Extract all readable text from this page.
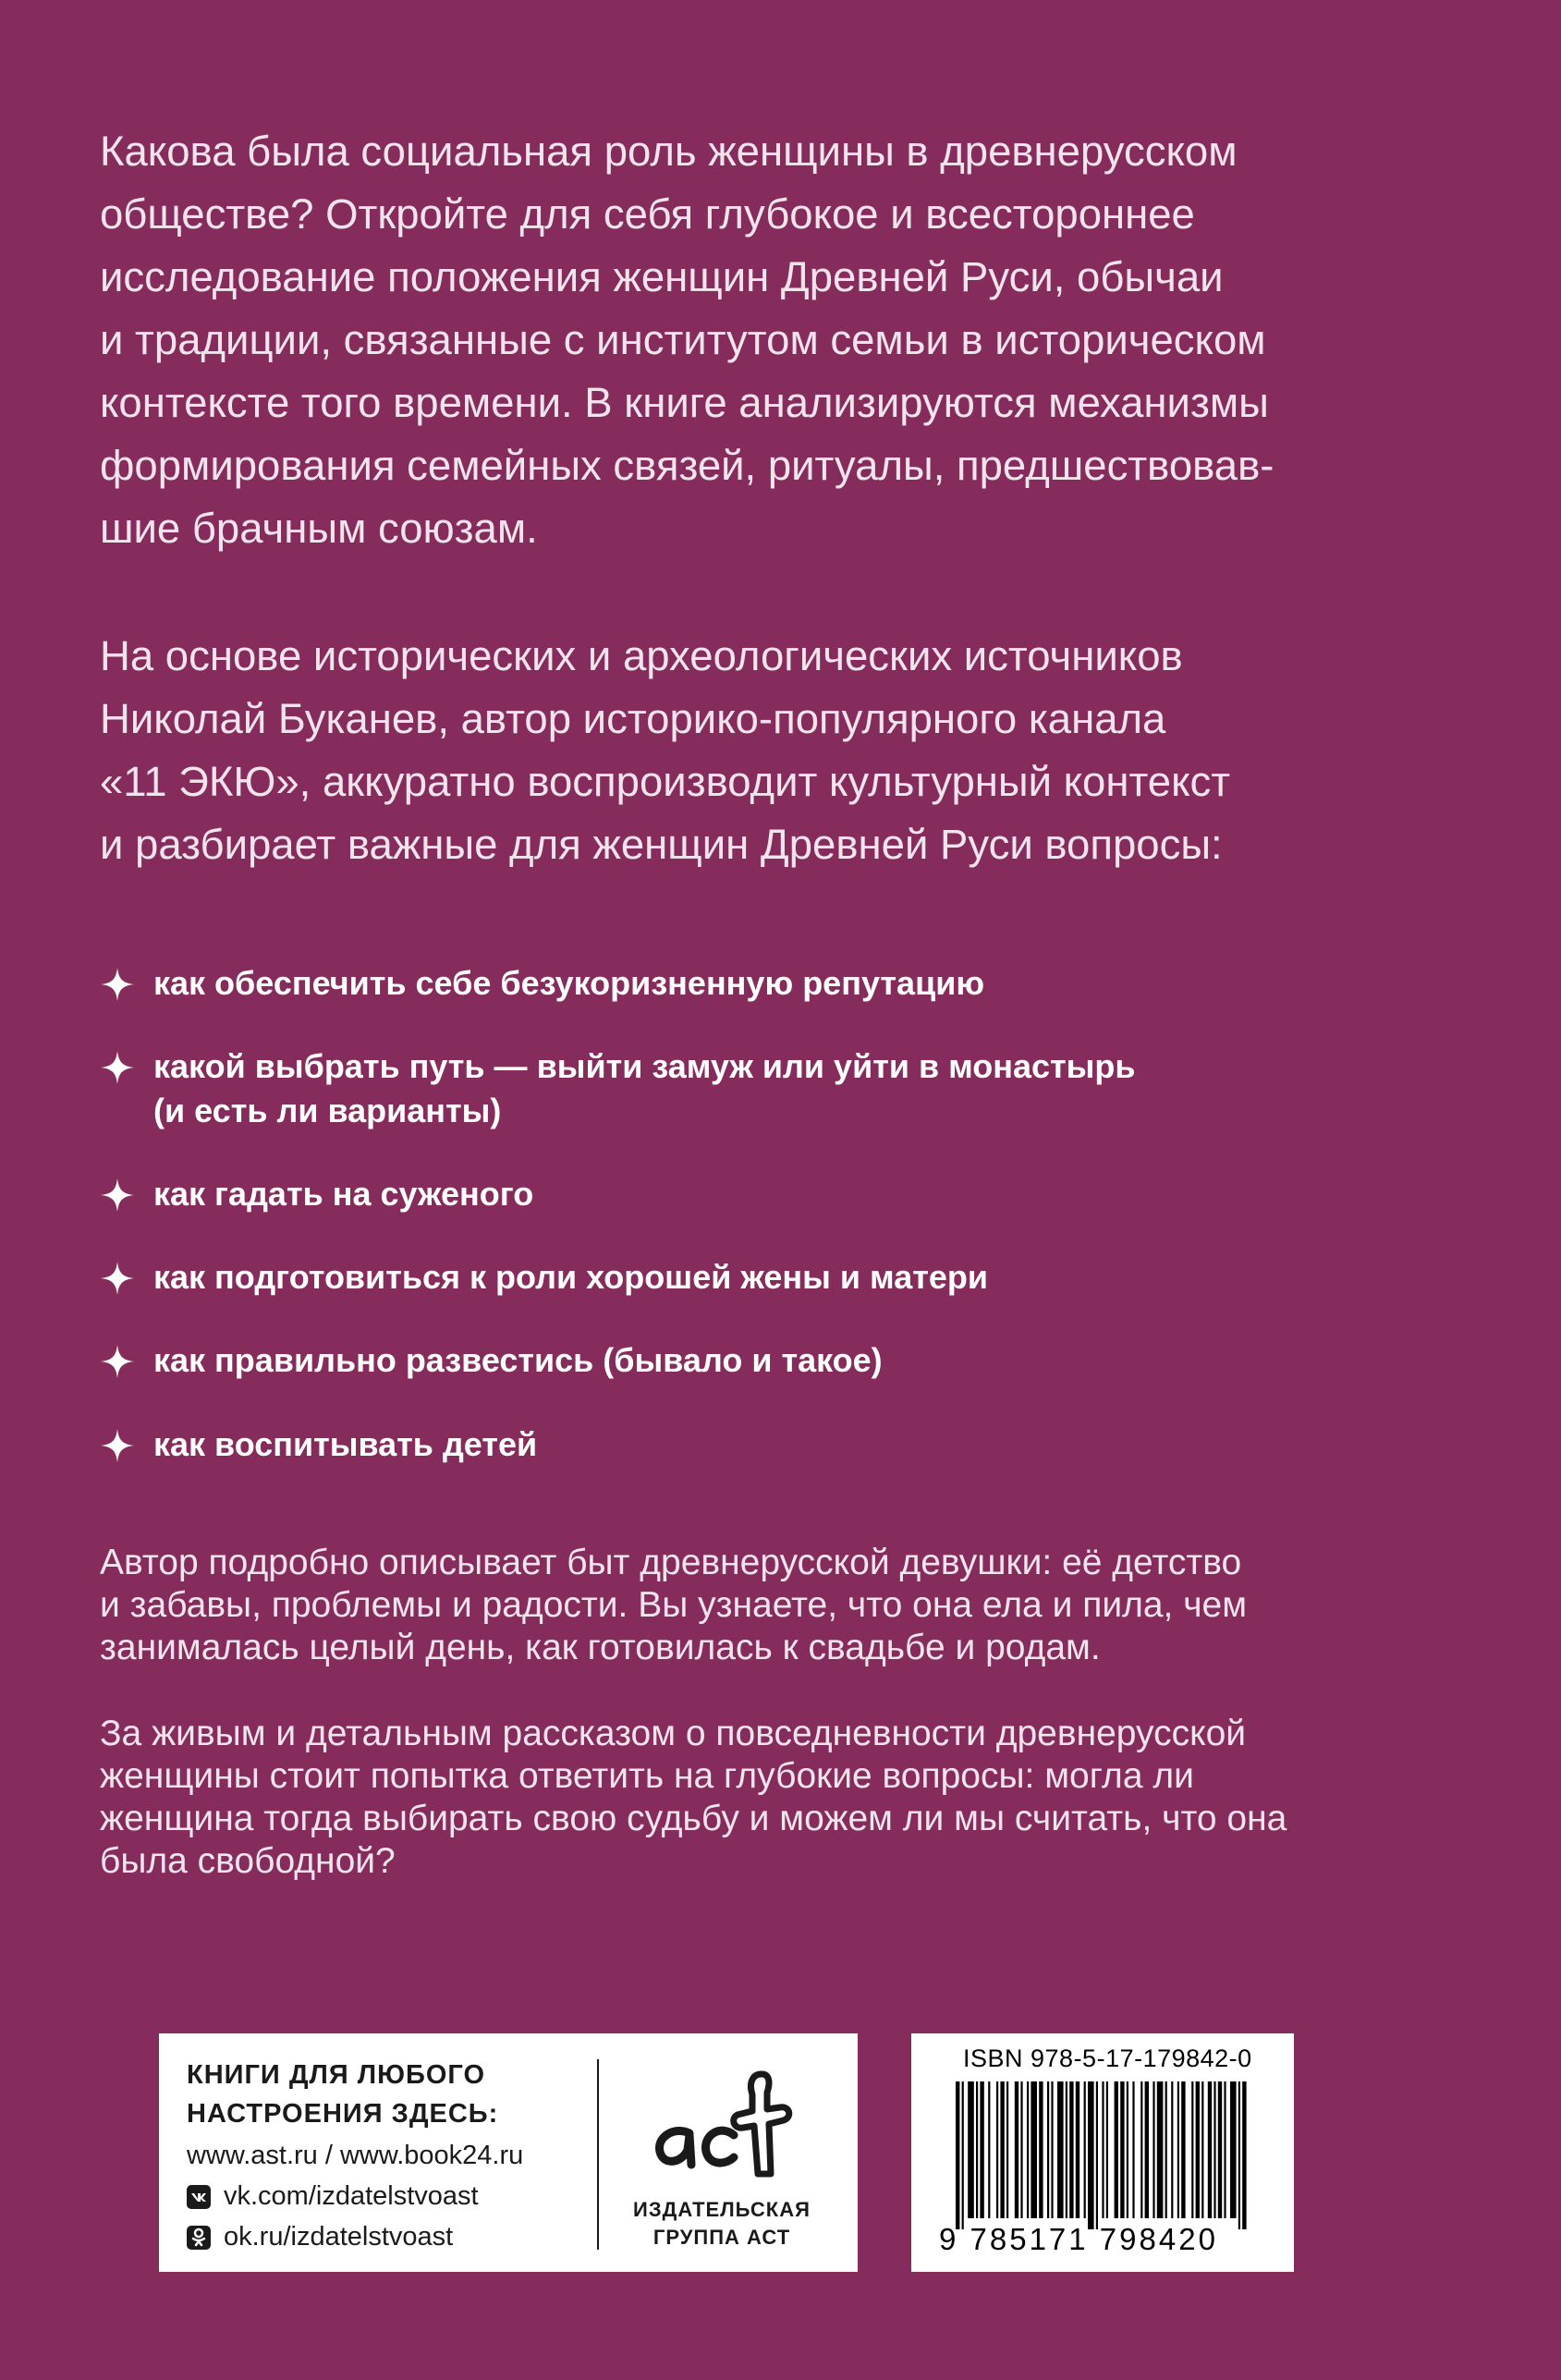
Какова была социальная роль женщины в древнерусском
обществе? Откройте для себя глубокое и всестороннее
исследование положения женщин Древней Руси, обычаи
и традиции, связанные с институтом семьи в историческом
контексте того времени. В книге анализируются механизмы
формирования семейных связей, ритуалы, предшествовав-
шие брачным союзам.
На основе исторических и археологических источников
Николай Буканев, автор историко-популярного канала
«11 ЭКЮ», аккуратно воспроизводит культурный контекст
и разбирает важные для женщин Древней Руси вопросы:
как обеспечить себе безукоризненную репутацию
какой выбрать путь — выйти замуж или уйти в монастырь
(и есть ли варианты)
как гадать на суженого
как подготовиться к роли хорошей жены и матери
как правильно развестись (бывало и такое)
как воспитывать детей
Автор подробно описывает быт древнерусской девушки: её детство
и забавы, проблемы и радости. Вы узнаете, что она ела и пила, чем
занималась целый день, как готовилась к свадьбе и родам.
За живым и детальным рассказом о повседневности древнерусской
женщины стоит попытка ответить на глубокие вопросы: могла ли
женщина тогда выбирать свою судьбу и можем ли мы считать, что она
была свободной?
КНИГИ ДЛЯ ЛЮБОГО
НАСТРОЕНИЯ ЗДЕСЬ:
www.ast.ru / www.book24.ru
vk.com/izdatelstvoast
ok.ru/izdatelstvoast
ИЗДАТЕЛЬСКАЯ
ГРУППА АСТ
ISBN 978-5-17-179842-0
9 785171 798420
